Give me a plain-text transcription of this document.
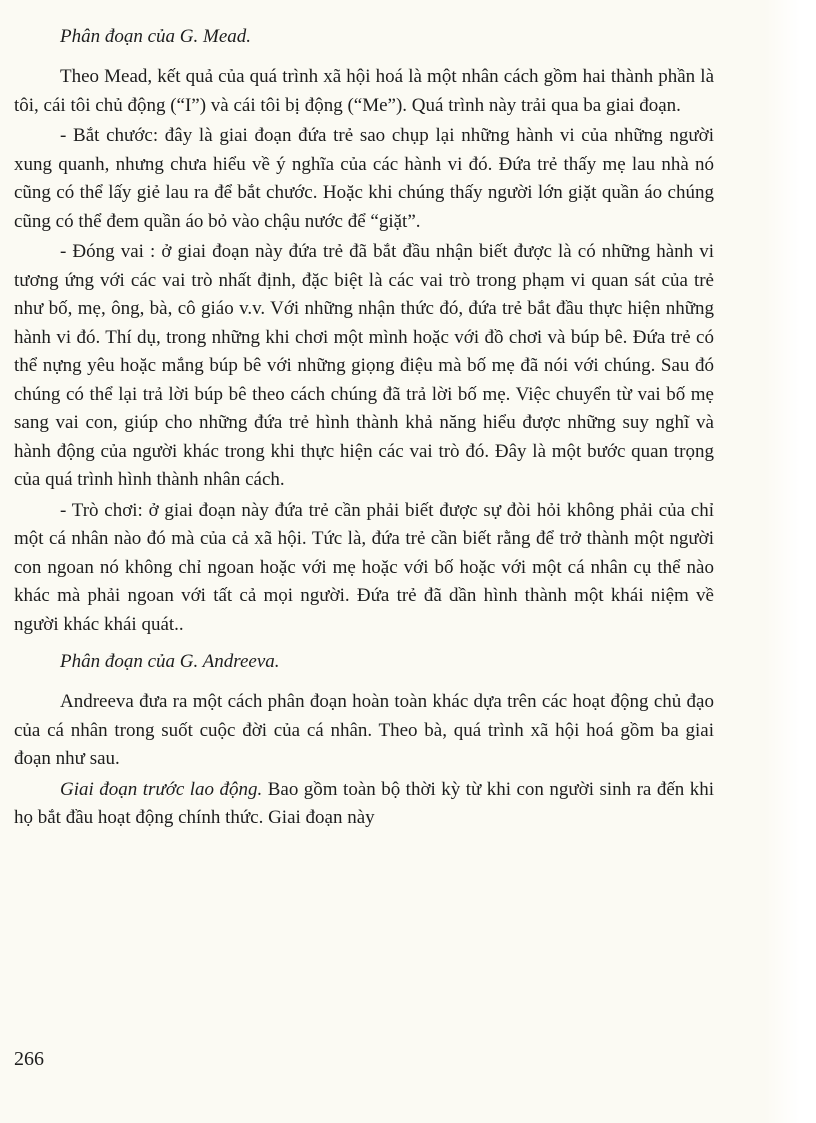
Phân đoạn của G. Mead.

Theo Mead, kết quả của quá trình xã hội hoá là một nhân cách gồm hai thành phần là tôi, cái tôi chủ động (“I”) và cái tôi bị động (“Me”). Quá trình này trải qua ba giai đoạn.

- Bắt chước: đây là giai đoạn đứa trẻ sao chụp lại những hành vi của những người xung quanh, nhưng chưa hiểu về ý nghĩa của các hành vi đó. Đứa trẻ thấy mẹ lau nhà nó cũng có thể lấy giẻ lau ra để bắt chước. Hoặc khi chúng thấy người lớn giặt quần áo chúng cũng có thể đem quần áo bỏ vào chậu nước để “giặt”.

- Đóng vai : ở giai đoạn này đứa trẻ đã bắt đầu nhận biết được là có những hành vi tương ứng với các vai trò nhất định, đặc biệt là các vai trò trong phạm vi quan sát của trẻ như bố, mẹ, ông, bà, cô giáo v.v. Với những nhận thức đó, đứa trẻ bắt đầu thực hiện những hành vi đó. Thí dụ, trong những khi chơi một mình hoặc với đồ chơi và búp bê. Đứa trẻ có thể nựng yêu hoặc mắng búp bê với những giọng điệu mà bố mẹ đã nói với chúng. Sau đó chúng có thể lại trả lời búp bê theo cách chúng đã trả lời bố mẹ. Việc chuyển từ vai bố mẹ sang vai con, giúp cho những đứa trẻ hình thành khả năng hiểu được những suy nghĩ và hành động của người khác trong khi thực hiện các vai trò đó. Đây là một bước quan trọng của quá trình hình thành nhân cách.

- Trò chơi: ở giai đoạn này đứa trẻ cần phải biết được sự đòi hỏi không phải của chỉ một cá nhân nào đó mà của cả xã hội. Tức là, đứa trẻ cần biết rằng để trở thành một người con ngoan nó không chỉ ngoan hoặc với mẹ hoặc với bố hoặc với một cá nhân cụ thể nào khác mà phải ngoan với tất cả mọi người. Đứa trẻ đã dần hình thành một khái niệm về người khác khái quát..

Phân đoạn của G. Andreeva.

Andreeva đưa ra một cách phân đoạn hoàn toàn khác dựa trên các hoạt động chủ đạo của cá nhân trong suốt cuộc đời của cá nhân. Theo bà, quá trình xã hội hoá gồm ba giai đoạn như sau.

Giai đoạn trước lao động. Bao gồm toàn bộ thời kỳ từ khi con người sinh ra đến khi họ bắt đầu hoạt động chính thức. Giai đoạn này

266
